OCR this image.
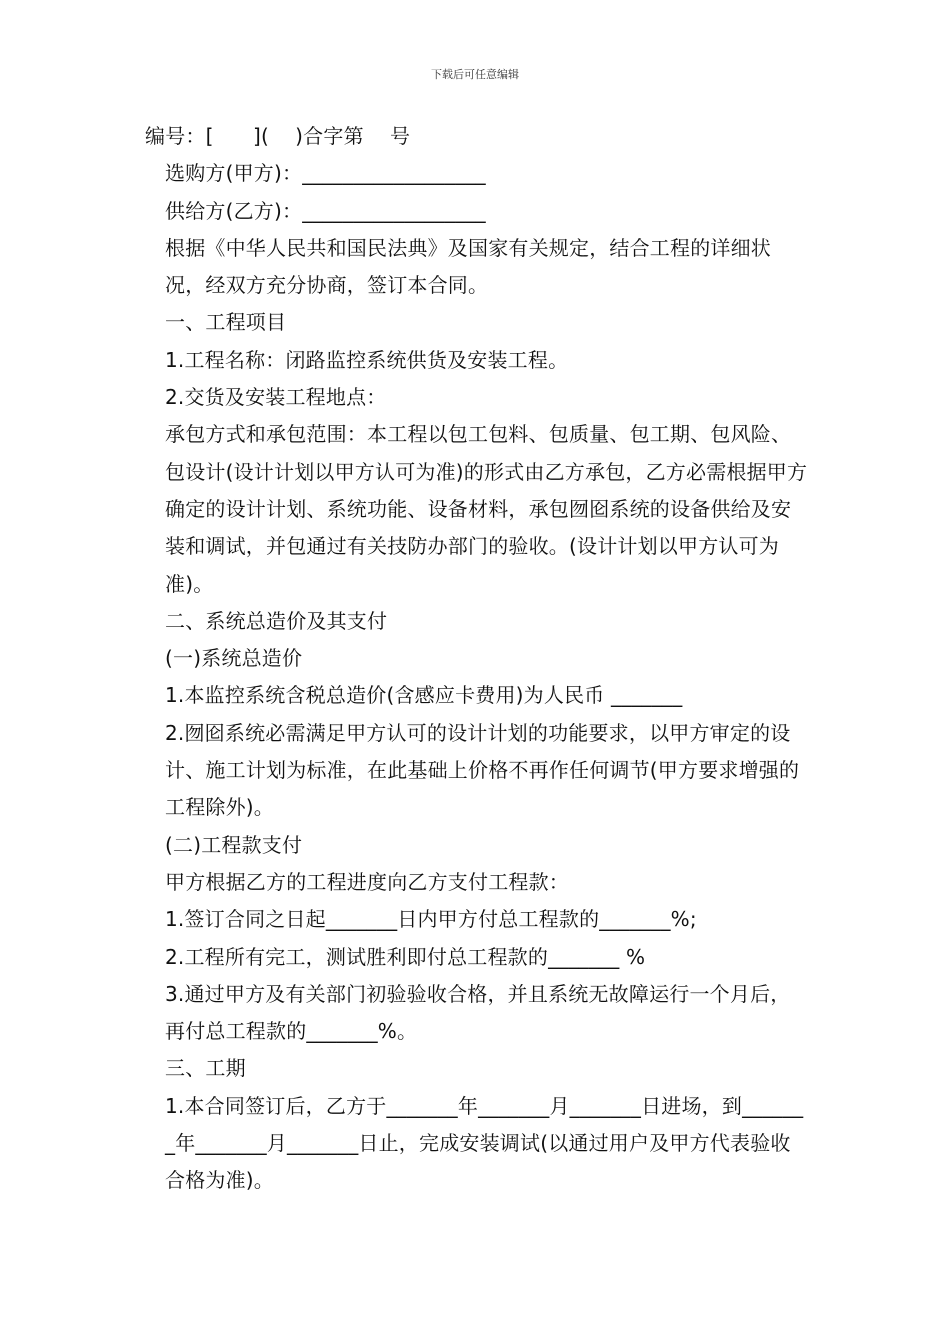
下载后可任意编辑

编号：[      ](    )合字第    号

选购方(甲方)：__________________

供给方(乙方)：__________________

根据《中华人民共和国民法典》及国家有关规定，结合工程的详细状况，经双方充分协商，签订本合同。

一、工程项目

1.工程名称：闭路监控系统供货及安装工程。

2.交货及安装工程地点：

承包方式和承包范围：本工程以包工包料、包质量、包工期、包风险、包设计(设计计划以甲方认可为准)的形式由乙方承包，乙方必需根据甲方确定的设计计划、系统功能、设备材料，承包囫囵系统的设备供给及安装和调试，并包通过有关技防办部门的验收。(设计计划以甲方认可为准)。

二、系统总造价及其支付

(一)系统总造价

1.本监控系统含税总造价(含感应卡费用)为人民币 _______

2.囫囵系统必需满足甲方认可的设计计划的功能要求，以甲方审定的设计、施工计划为标准，在此基础上价格不再作任何调节(甲方要求增强的工程除外)。

(二)工程款支付

甲方根据乙方的工程进度向乙方支付工程款：

1.签订合同之日起_______日内甲方付总工程款的_______%;

2.工程所有完工，测试胜利即付总工程款的_______ %

3.通过甲方及有关部门初验验收合格，并且系统无故障运行一个月后，再付总工程款的_______%。

三、工期

1.本合同签订后，乙方于_______年_______月_______日进场，到_______年_______月_______日止，完成安装调试(以通过用户及甲方代表验收合格为准)。
